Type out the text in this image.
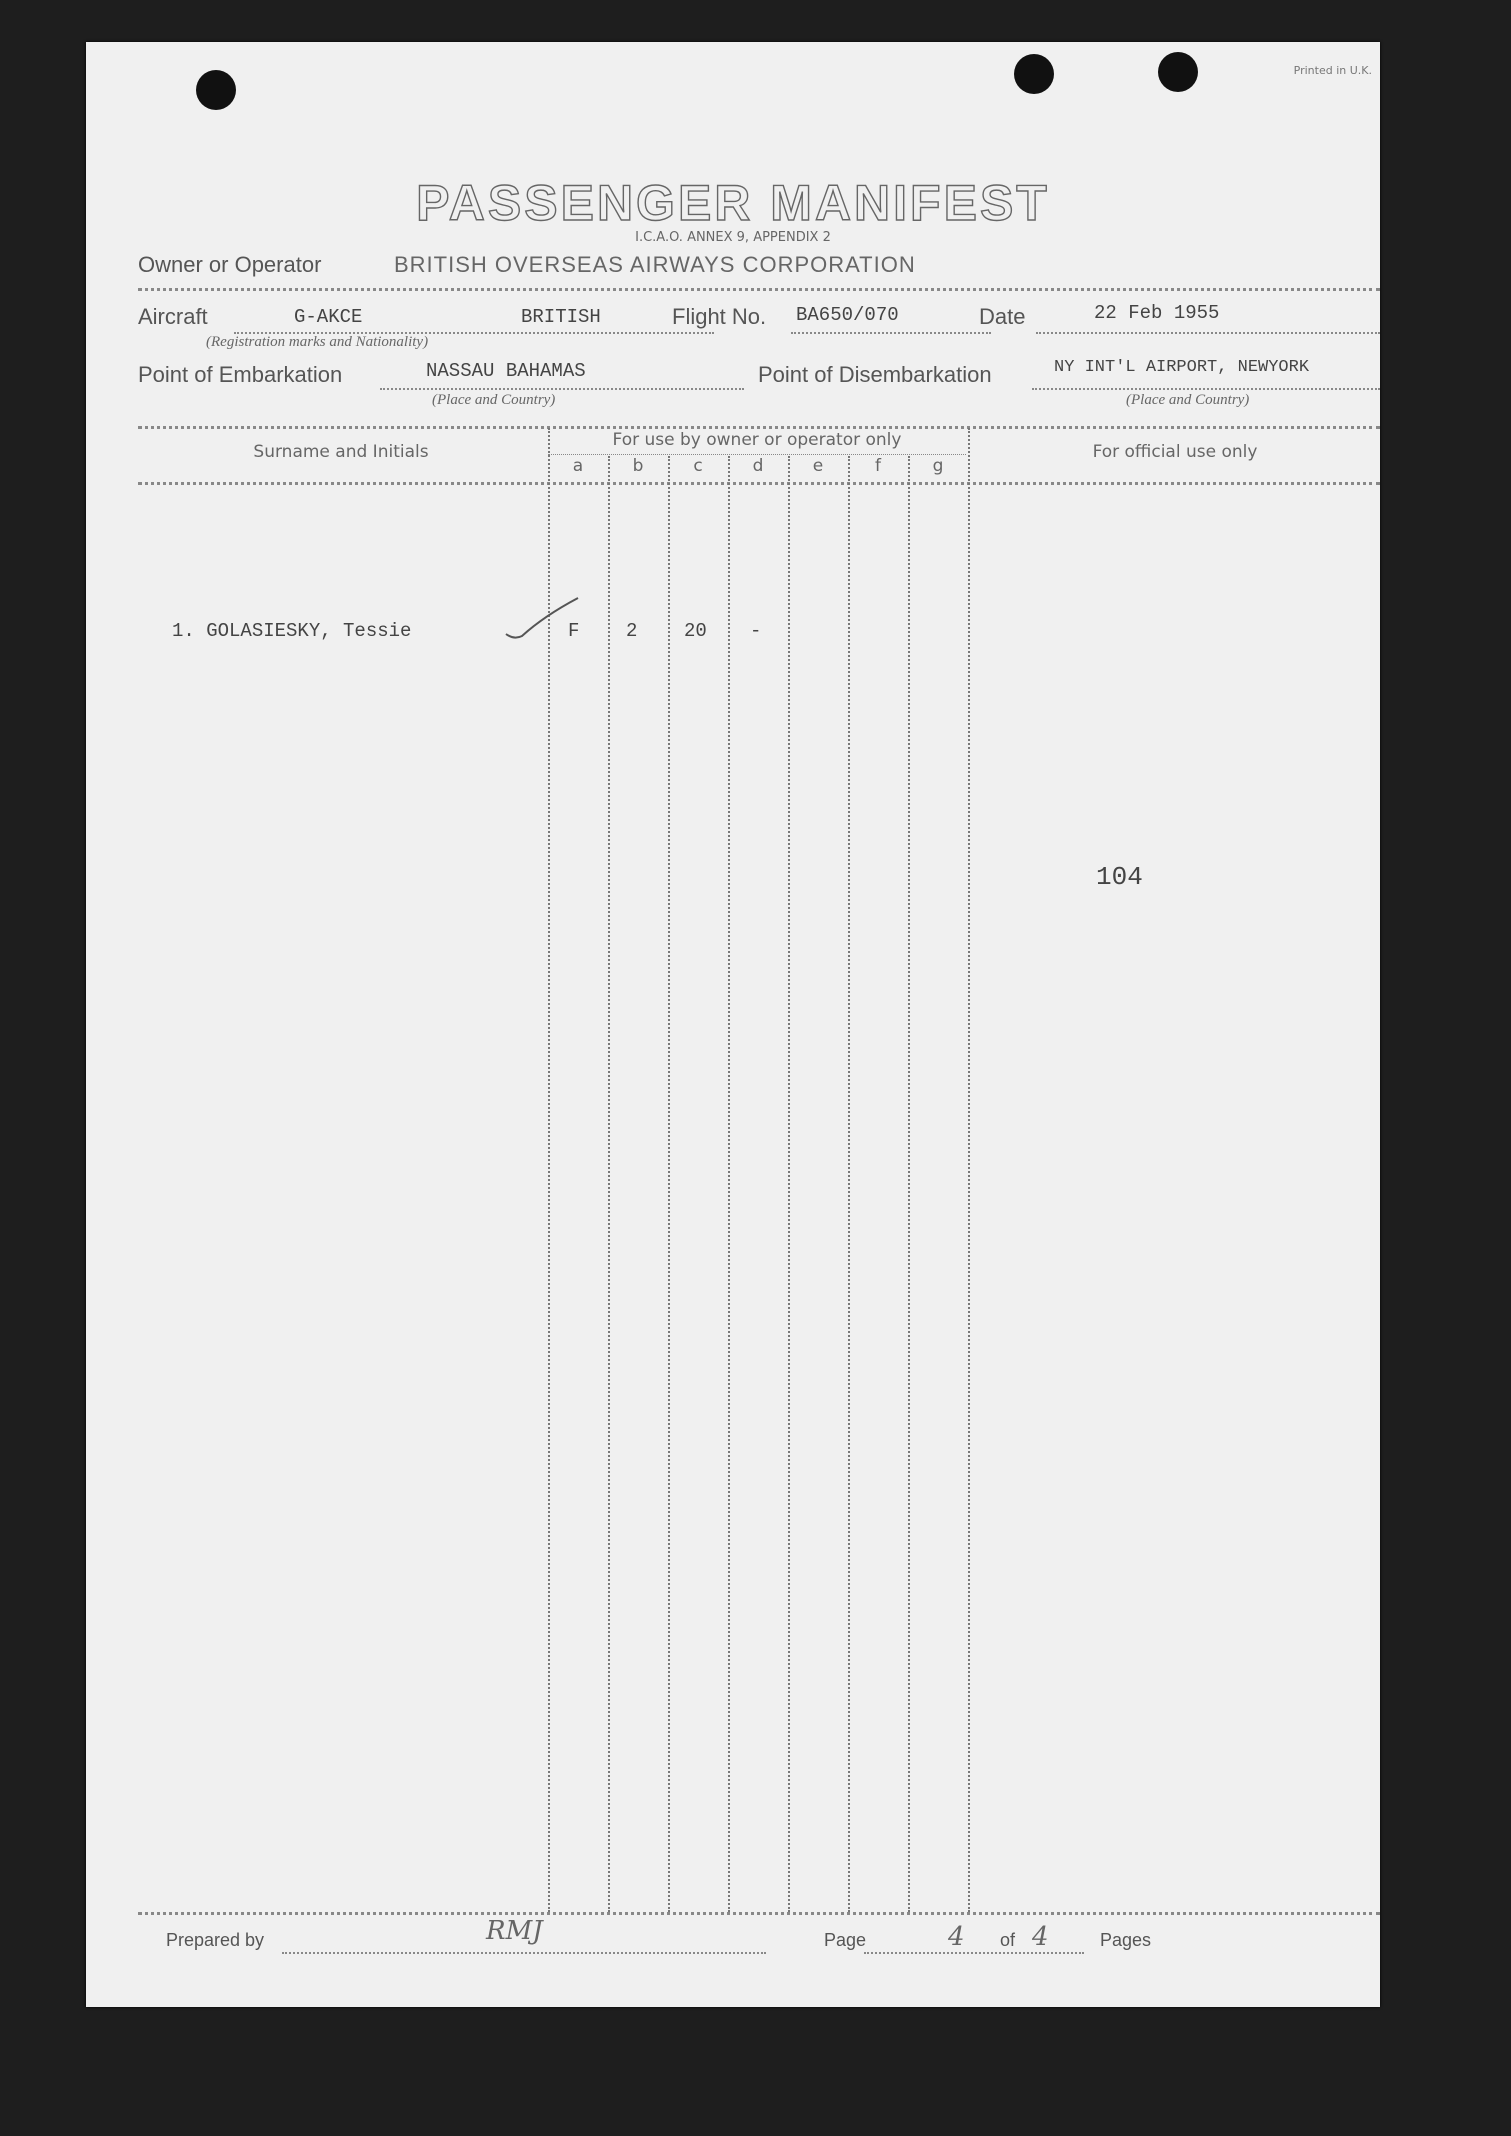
Printed in U.K.
PASSENGER MANIFEST
I.C.A.O. ANNEX 9, APPENDIX 2
Owner or Operator	BRITISH OVERSEAS AIRWAYS CORPORATION
Aircraft	G-AKCE	BRITISH
(Registration marks and Nationality)
Flight No. BA650/070	Date	22 Feb 1955
Point of Embarkation	NASSAU BAHAMAS
(Place and Country)
Point of Disembarkation	NY INT'L AIRPORT, NEWYORK
(Place and Country)
Surname and Initials
For use by owner or operator only
For official use only
a	b	c	d	e	f	g
1. GOLASIESKY, Tessie	F 2 20 -
104
Prepared by	RMJ	Page	4 of 4	Pages
